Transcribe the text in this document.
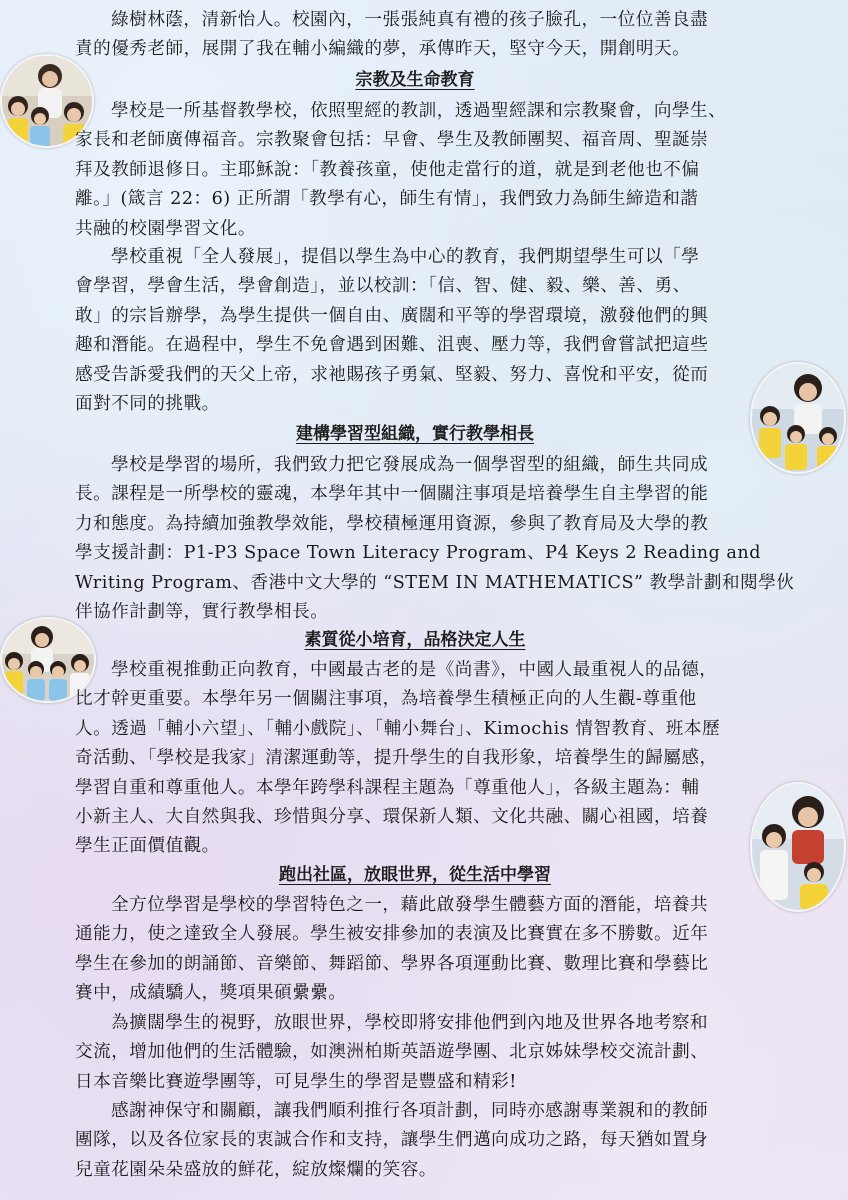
綠樹林蔭，清新怡人。校園內，一張張純真有禮的孩子臉孔，一位位善良盡
責的優秀老師，展開了我在輔小編織的夢，承傳昨天，堅守今天，開創明天。
宗教及生命教育
學校是一所基督教學校，依照聖經的教訓，透過聖經課和宗教聚會，向學生、
家長和老師廣傳福音。宗教聚會包括：早會、學生及教師團契、福音周、聖誕崇
拜及教師退修日。主耶穌說：「教養孩童，使他走當行的道，就是到老他也不偏
離。」(箴言 22：6) 正所謂「教學有心，師生有情」，我們致力為師生締造和諧
共融的校園學習文化。
學校重視「全人發展」，提倡以學生為中心的教育，我們期望學生可以「學
會學習，學會生活，學會創造」，並以校訓：「信、智、健、毅、樂、善、勇、
敢」的宗旨辦學，為學生提供一個自由、廣闊和平等的學習環境，激發他們的興
趣和潛能。在過程中，學生不免會遇到困難、沮喪、壓力等，我們會嘗試把這些
感受告訴愛我們的天父上帝，求祂賜孩子勇氣、堅毅、努力、喜悅和平安，從而
面對不同的挑戰。
建構學習型組織，實行教學相長
學校是學習的場所，我們致力把它發展成為一個學習型的組織，師生共同成
長。課程是一所學校的靈魂，本學年其中一個關注事項是培養學生自主學習的能
力和態度。為持續加強教學效能，學校積極運用資源，參與了教育局及大學的教
學支援計劃：P1-P3 Space Town Literacy Program、P4 Keys 2 Reading and
Writing Program、香港中文大學的 “STEM IN MATHEMATICS” 教學計劃和閱學伙
伴協作計劃等，實行教學相長。
素質從小培育，品格決定人生
學校重視推動正向教育，中國最古老的是《尚書》，中國人最重視人的品德，
比才幹更重要。本學年另一個關注事項，為培養學生積極正向的人生觀-尊重他
人。透過「輔小六望」、「輔小戲院」、「輔小舞台」、Kimochis 情智教育、班本歷
奇活動、「學校是我家」清潔運動等，提升學生的自我形象，培養學生的歸屬感，
學習自重和尊重他人。本學年跨學科課程主題為「尊重他人」，各級主題為：輔
小新主人、大自然與我、珍惜與分享、環保新人類、文化共融、關心祖國，培養
學生正面價值觀。
跑出社區，放眼世界，從生活中學習
全方位學習是學校的學習特色之一，藉此啟發學生體藝方面的潛能，培養共
通能力，使之達致全人發展。學生被安排參加的表演及比賽實在多不勝數。近年
學生在參加的朗誦節、音樂節、舞蹈節、學界各項運動比賽、數理比賽和學藝比
賽中，成績驕人，獎項果碩纍纍。
為擴闊學生的視野，放眼世界，學校即將安排他們到內地及世界各地考察和
交流，增加他們的生活體驗，如澳洲柏斯英語遊學團、北京姊妹學校交流計劃、
日本音樂比賽遊學團等，可見學生的學習是豐盛和精彩!
感謝神保守和關顧，讓我們順利推行各項計劃，同時亦感謝專業親和的教師
團隊，以及各位家長的衷誠合作和支持，讓學生們邁向成功之路，每天猶如置身
兒童花園朵朵盛放的鮮花，綻放燦爛的笑容。
